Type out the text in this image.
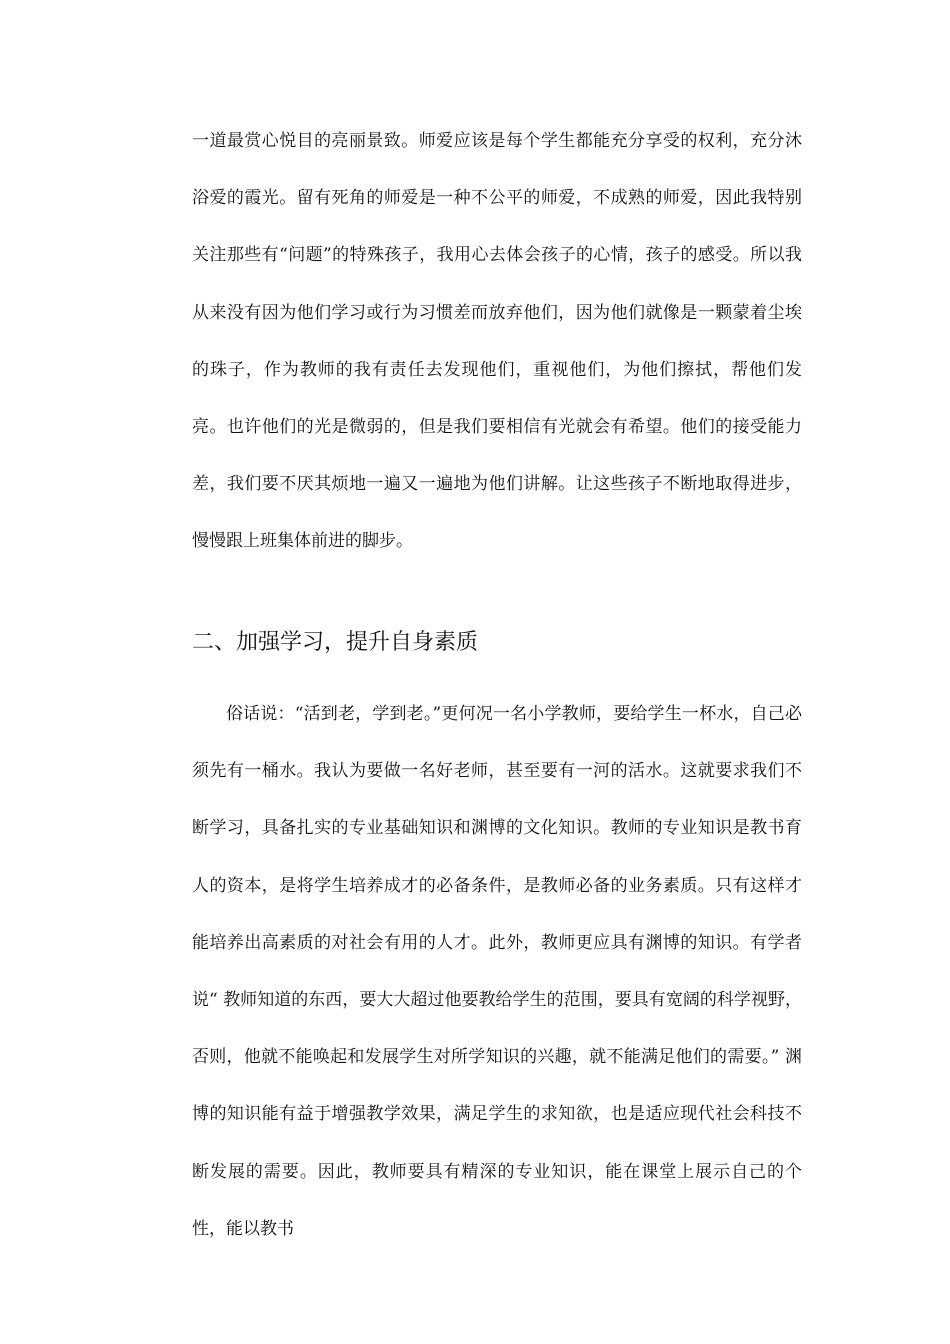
一道最赏心悦目的亮丽景致。师爱应该是每个学生都能充分享受的权利，充分沐浴爱的霞光。留有死角的师爱是一种不公平的师爱，不成熟的师爱，因此我特别关注那些有“问题”的特殊孩子，我用心去体会孩子的心情，孩子的感受。所以我从来没有因为他们学习或行为习惯差而放弃他们，因为他们就像是一颗蒙着尘埃的珠子，作为教师的我有责任去发现他们，重视他们，为他们擦拭，帮他们发亮。也许他们的光是微弱的，但是我们要相信有光就会有希望。他们的接受能力差，我们要不厌其烦地一遍又一遍地为他们讲解。让这些孩子不断地取得进步，慢慢跟上班集体前进的脚步。

二、加强学习，提升自身素质

俗话说：“活到老，学到老。”更何况一名小学教师，要给学生一杯水，自己必须先有一桶水。我认为要做一名好老师，甚至要有一河的活水。这就要求我们不断学习，具备扎实的专业基础知识和渊博的文化知识。教师的专业知识是教书育人的资本，是将学生培养成才的必备条件，是教师必备的业务素质。只有这样才能培养出高素质的对社会有用的人才。此外，教师更应具有渊博的知识。有学者说“ 教师知道的东西，要大大超过他要教给学生的范围，要具有宽阔的科学视野，否则，他就不能唤起和发展学生对所学知识的兴趣，就不能满足他们的需要。” 渊博的知识能有益于增强教学效果，满足学生的求知欲，也是适应现代社会科技不断发展的需要。因此，教师要具有精深的专业知识，能在课堂上展示自己的个性，能以教书
